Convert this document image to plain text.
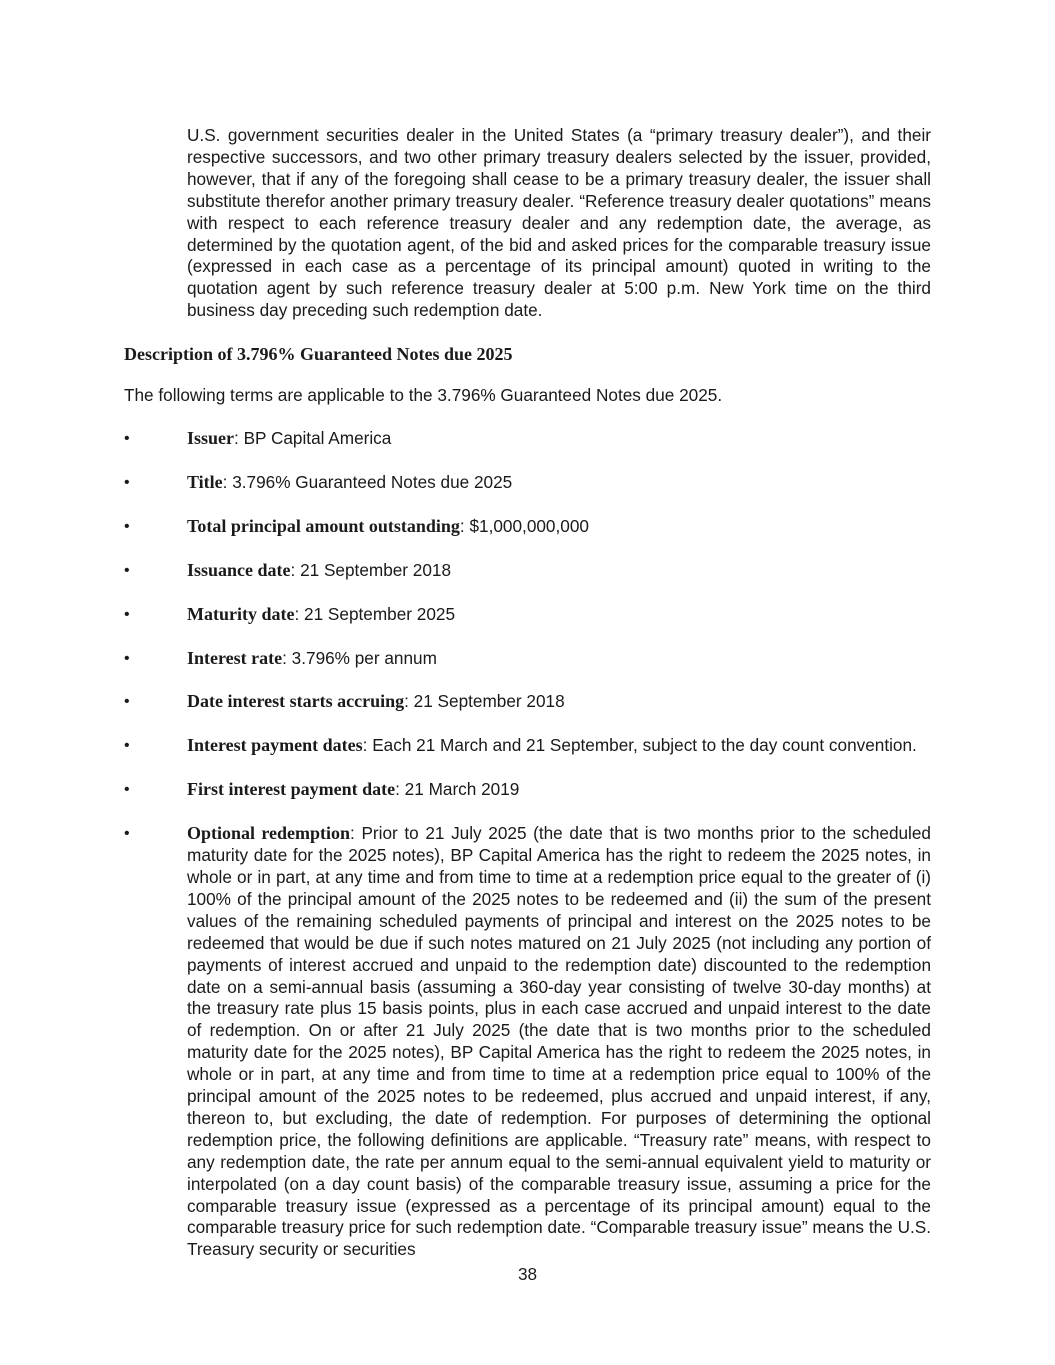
U.S. government securities dealer in the United States (a “primary treasury dealer”), and their respective successors, and two other primary treasury dealers selected by the issuer, provided, however, that if any of the foregoing shall cease to be a primary treasury dealer, the issuer shall substitute therefor another primary treasury dealer. “Reference treasury dealer quotations” means with respect to each reference treasury dealer and any redemption date, the average, as determined by the quotation agent, of the bid and asked prices for the comparable treasury issue (expressed in each case as a percentage of its principal amount) quoted in writing to the quotation agent by such reference treasury dealer at 5:00 p.m. New York time on the third business day preceding such redemption date.

Description of 3.796% Guaranteed Notes due 2025

The following terms are applicable to the 3.796% Guaranteed Notes due 2025.

•	Issuer: BP Capital America
•	Title: 3.796% Guaranteed Notes due 2025
•	Total principal amount outstanding: $1,000,000,000
•	Issuance date: 21 September 2018
•	Maturity date: 21 September 2025
•	Interest rate: 3.796% per annum
•	Date interest starts accruing: 21 September 2018
•	Interest payment dates: Each 21 March and 21 September, subject to the day count convention.
•	First interest payment date: 21 March 2019
•	Optional redemption: Prior to 21 July 2025 (the date that is two months prior to the scheduled maturity date for the 2025 notes), BP Capital America has the right to redeem the 2025 notes, in whole or in part, at any time and from time to time at a redemption price equal to the greater of (i) 100% of the principal amount of the 2025 notes to be redeemed and (ii) the sum of the present values of the remaining scheduled payments of principal and interest on the 2025 notes to be redeemed that would be due if such notes matured on 21 July 2025 (not including any portion of payments of interest accrued and unpaid to the redemption date) discounted to the redemption date on a semi-annual basis (assuming a 360-day year consisting of twelve 30-day months) at the treasury rate plus 15 basis points, plus in each case accrued and unpaid interest to the date of redemption. On or after 21 July 2025 (the date that is two months prior to the scheduled maturity date for the 2025 notes), BP Capital America has the right to redeem the 2025 notes, in whole or in part, at any time and from time to time at a redemption price equal to 100% of the principal amount of the 2025 notes to be redeemed, plus accrued and unpaid interest, if any, thereon to, but excluding, the date of redemption. For purposes of determining the optional redemption price, the following definitions are applicable. “Treasury rate” means, with respect to any redemption date, the rate per annum equal to the semi-annual equivalent yield to maturity or interpolated (on a day count basis) of the comparable treasury issue, assuming a price for the comparable treasury issue (expressed as a percentage of its principal amount) equal to the comparable treasury price for such redemption date. “Comparable treasury issue” means the U.S. Treasury security or securities

38
